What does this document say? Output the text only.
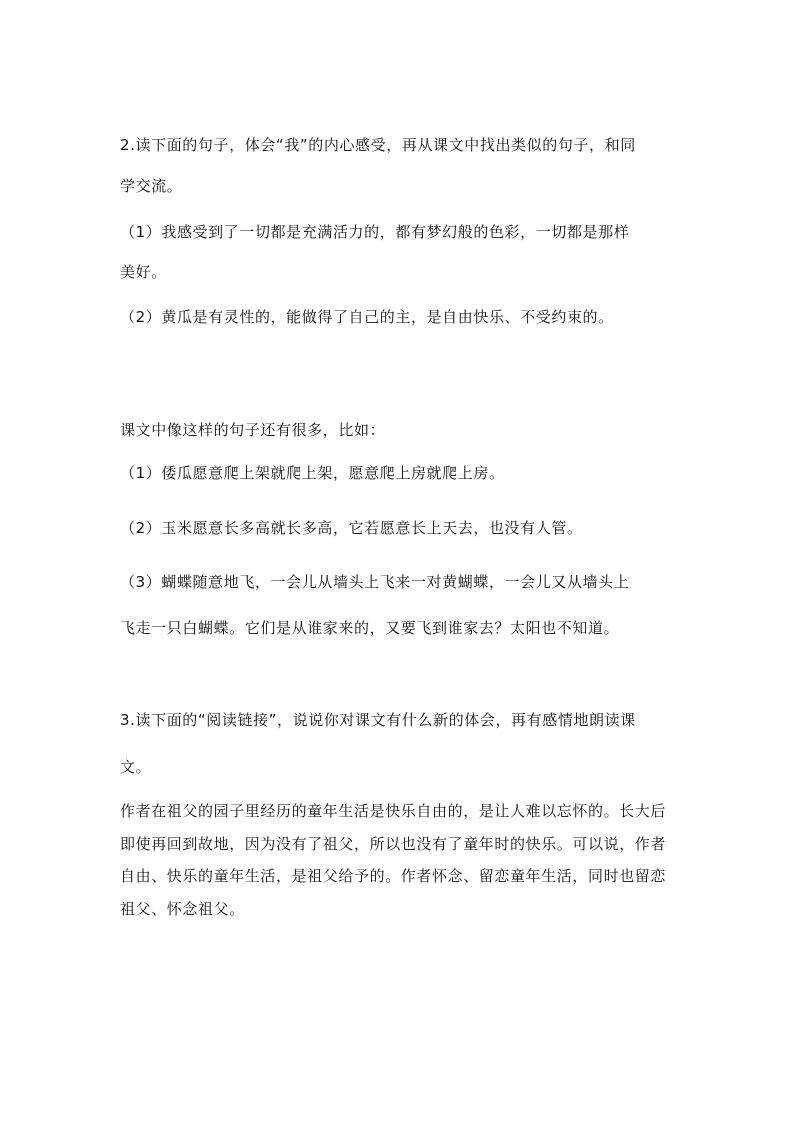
2.读下面的句子，体会“我”的内心感受，再从课文中找出类似的句子，和同
学交流。
（1）我感受到了一切都是充满活力的，都有梦幻般的色彩，一切都是那样
美好。
（2）黄瓜是有灵性的，能做得了自己的主，是自由快乐、不受约束的。
课文中像这样的句子还有很多，比如：
（1）倭瓜愿意爬上架就爬上架，愿意爬上房就爬上房。
（2）玉米愿意长多高就长多高，它若愿意长上天去，也没有人管。
（3）蝴蝶随意地飞，一会儿从墙头上飞来一对黄蝴蝶，一会儿又从墙头上
飞走一只白蝴蝶。它们是从谁家来的，又要飞到谁家去？太阳也不知道。
3.读下面的“阅读链接”，说说你对课文有什么新的体会，再有感情地朗读课
文。
作者在祖父的园子里经历的童年生活是快乐自由的，是让人难以忘怀的。长大后即使再回到故地，因为没有了祖父，所以也没有了童年时的快乐。可以说，作者自由、快乐的童年生活，是祖父给予的。作者怀念、留恋童年生活，同时也留恋祖父、怀念祖父。
